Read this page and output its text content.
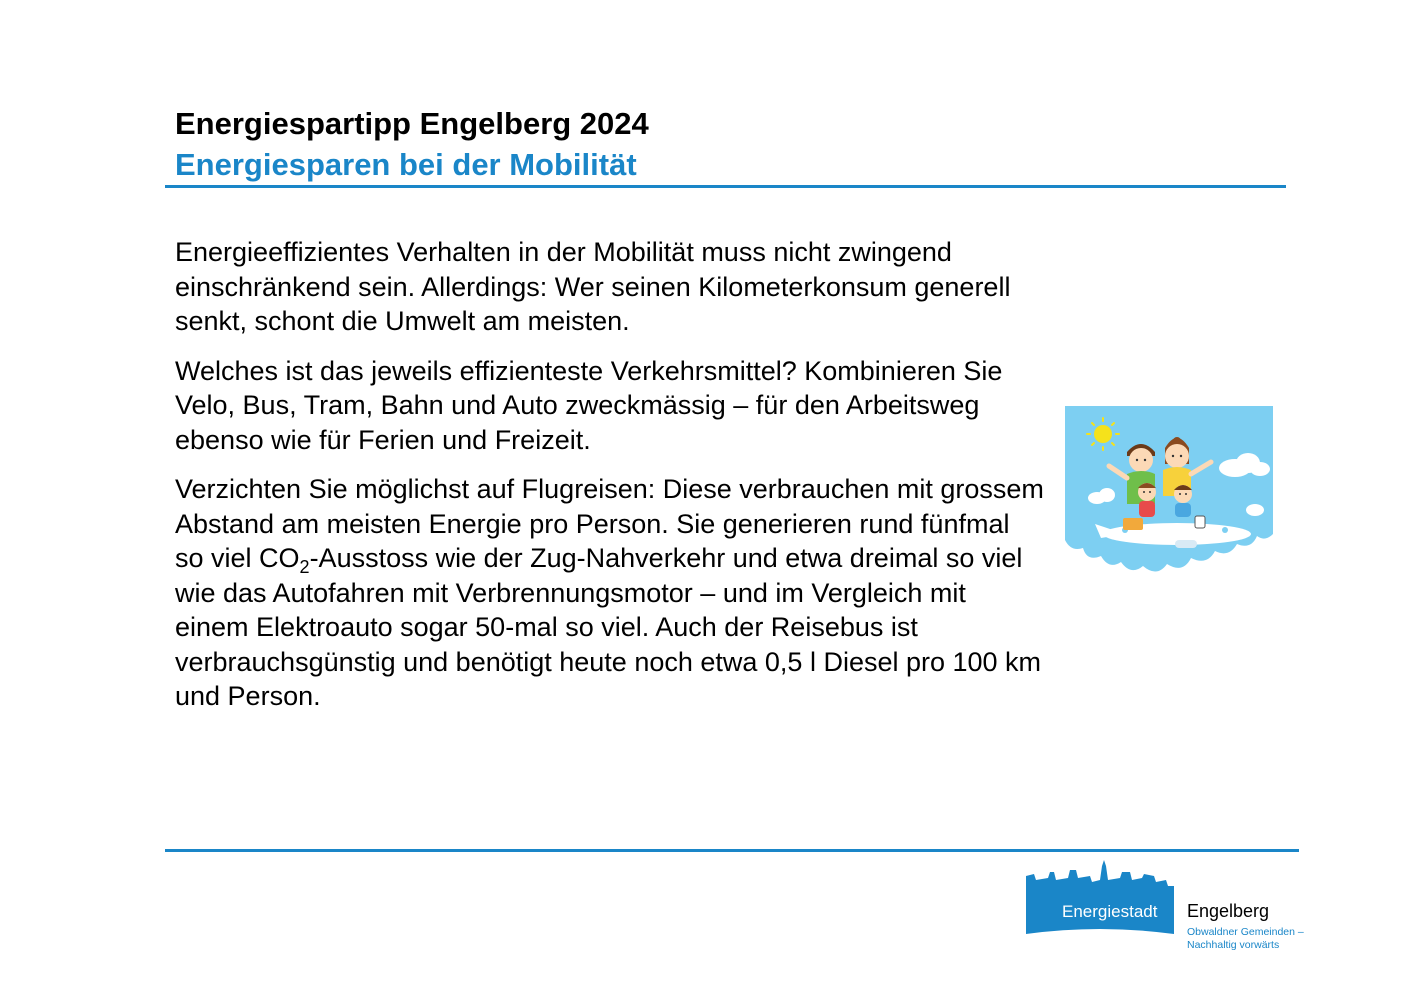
Energiespartipp Engelberg 2024
Energiesparen bei der Mobilität

Energieeffizientes Verhalten in der Mobilität muss nicht zwingend einschränkend sein. Allerdings: Wer seinen Kilometerkonsum generell senkt, schont die Umwelt am meisten.

Welches ist das jeweils effizienteste Verkehrsmittel? Kombinieren Sie Velo, Bus, Tram, Bahn und Auto zweckmässig – für den Arbeitsweg ebenso wie für Ferien und Freizeit.

Verzichten Sie möglichst auf Flugreisen: Diese verbrauchen mit grossem Abstand am meisten Energie pro Person. Sie generieren rund fünfmal so viel $CO_2$-Ausstoss wie der Zug-Nahverkehr und etwa dreimal so viel wie das Autofahren mit Verbrennungsmotor – und im Vergleich mit einem Elektroauto sogar 50-mal so viel. Auch der Reisebus ist verbrauchsgünstig und benötigt heute noch etwa 0,5 l Diesel pro 100 km und Person.

Energiestadt Engelberg
Obwaldner Gemeinden –
Nachhaltig vorwärts
